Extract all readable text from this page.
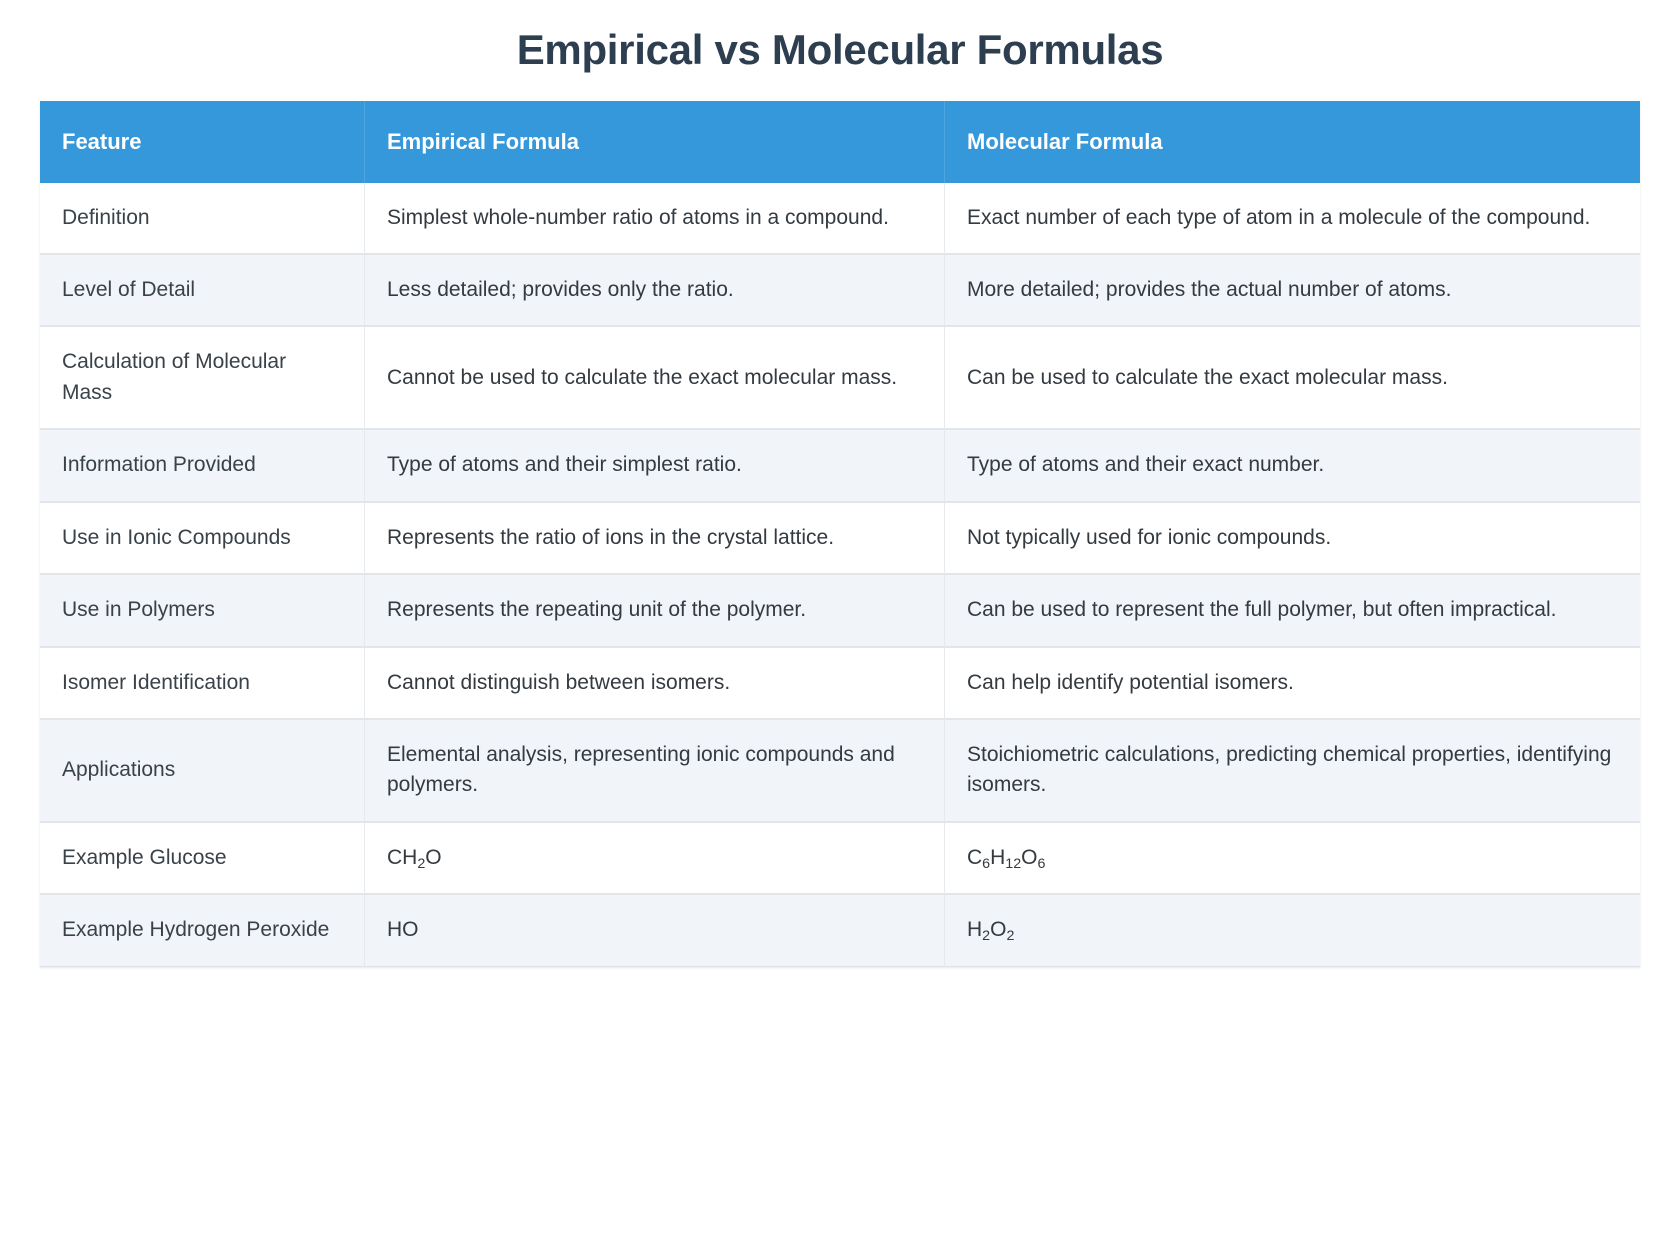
Empirical vs Molecular Formulas
Feature	Empirical Formula	Molecular Formula
Definition	Simplest whole-number ratio of atoms in a compound.	Exact number of each type of atom in a molecule of the compound.
Level of Detail	Less detailed; provides only the ratio.	More detailed; provides the actual number of atoms.
Calculation of Molecular Mass	Cannot be used to calculate the exact molecular mass.	Can be used to calculate the exact molecular mass.
Information Provided	Type of atoms and their simplest ratio.	Type of atoms and their exact number.
Use in Ionic Compounds	Represents the ratio of ions in the crystal lattice.	Not typically used for ionic compounds.
Use in Polymers	Represents the repeating unit of the polymer.	Can be used to represent the full polymer, but often impractical.
Isomer Identification	Cannot distinguish between isomers.	Can help identify potential isomers.
Applications	Elemental analysis, representing ionic compounds and polymers.	Stoichiometric calculations, predicting chemical properties, identifying isomers.
Example Glucose	$CH_2O$	$C_6H_{12}O_6$
Example Hydrogen Peroxide	HO	$H_2O_2$
